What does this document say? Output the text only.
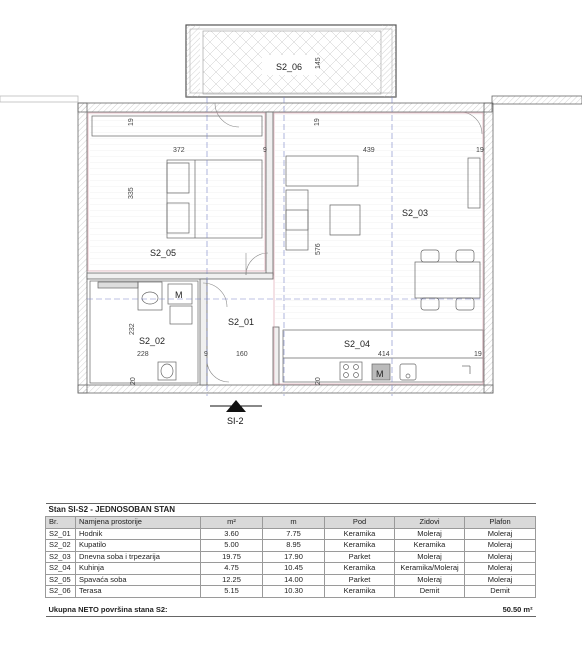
S2_06
S2_05
S2_03
S2_01
S2_02	S2_04
M
M
372	9
19
439	19
19
335
576
145
232
228	9	160	414	19
20	20
SI-2
Stan SI-S2 - JEDNOSOBAN STAN						
Br.	Namjena prostorije	m²	m	Pod	Zidovi	Plafon
S2_01	Hodnik	3.60	7.75	Keramika	Moleraj	Moleraj
S2_02	Kupatilo	5.00	8.95	Keramika	Keramika	Moleraj
S2_03	Dnevna soba i trpezarija	19.75	17.90	Parket	Moleraj	Moleraj
S2_04	Kuhinja	4.75	10.45	Keramika	Keramika/Moleraj	Moleraj
S2_05	Spavaća soba	12.25	14.00	Parket	Moleraj	Moleraj
S2_06	Terasa	5.15	10.30	Keramika	Demit	Demit

Ukupna NETO površina stana S2:				50.50 m²		
